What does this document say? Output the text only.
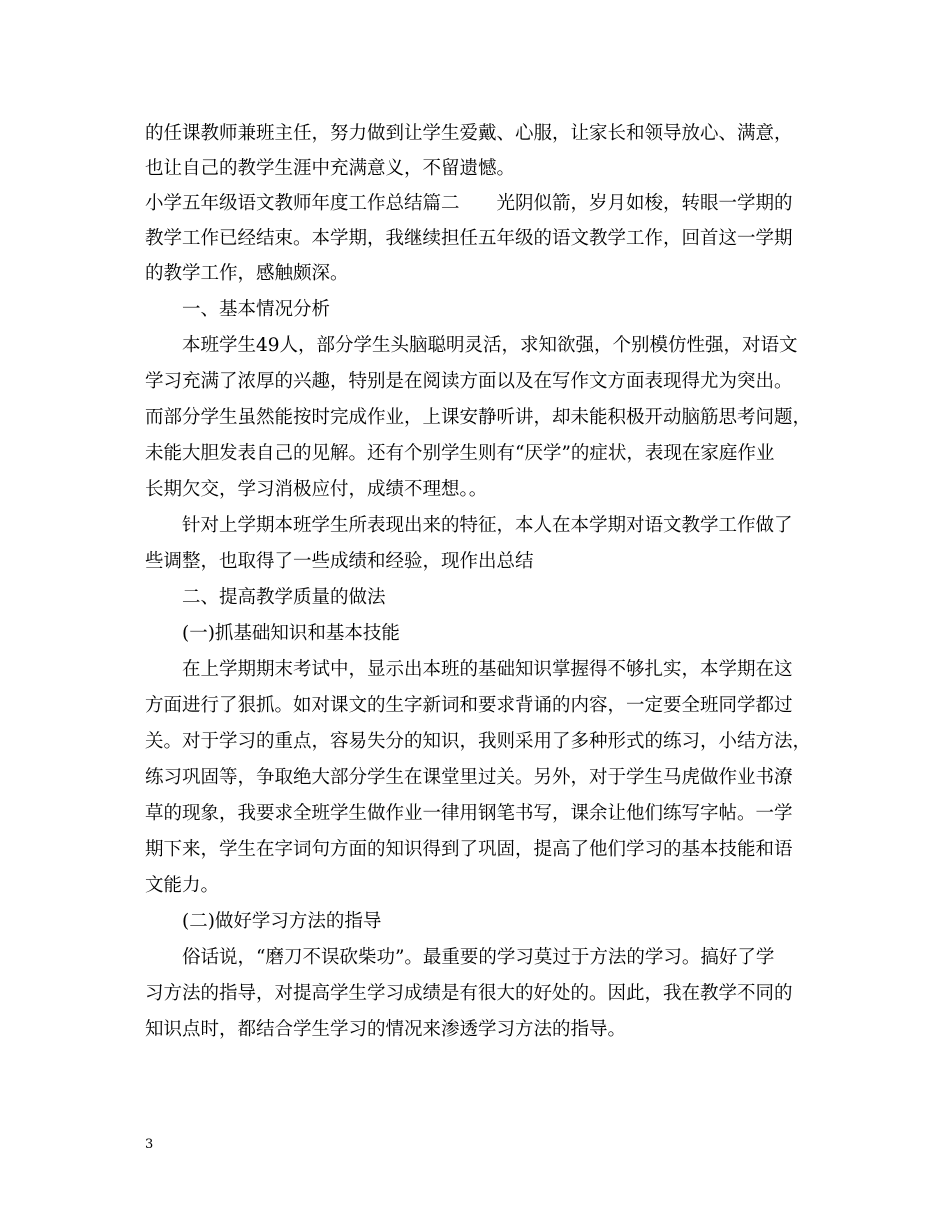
的任课教师兼班主任，努力做到让学生爱戴、心服，让家长和领导放心、满意，
也让自己的教学生涯中充满意义，不留遗憾。
小学五年级语文教师年度工作总结篇二　　光阴似箭，岁月如梭，转眼一学期的
教学工作已经结束。本学期，我继续担任五年级的语文教学工作，回首这一学期
的教学工作，感触颇深。
一、基本情况分析
本班学生49人，部分学生头脑聪明灵活，求知欲强，个别模仿性强，对语文
学习充满了浓厚的兴趣，特别是在阅读方面以及在写作文方面表现得尤为突出。
而部分学生虽然能按时完成作业，上课安静听讲，却未能积极开动脑筋思考问题，
未能大胆发表自己的见解。还有个别学生则有“厌学”的症状，表现在家庭作业
长期欠交，学习消极应付，成绩不理想。。
针对上学期本班学生所表现出来的特征，本人在本学期对语文教学工作做了
些调整，也取得了一些成绩和经验，现作出总结
二、提高教学质量的做法
(一)抓基础知识和基本技能
在上学期期末考试中，显示出本班的基础知识掌握得不够扎实，本学期在这
方面进行了狠抓。如对课文的生字新词和要求背诵的内容，一定要全班同学都过
关。对于学习的重点，容易失分的知识，我则采用了多种形式的练习，小结方法，
练习巩固等，争取绝大部分学生在课堂里过关。另外，对于学生马虎做作业书潦
草的现象，我要求全班学生做作业一律用钢笔书写，课余让他们练写字帖。一学
期下来，学生在字词句方面的知识得到了巩固，提高了他们学习的基本技能和语
文能力。
(二)做好学习方法的指导
俗话说，“磨刀不误砍柴功”。最重要的学习莫过于方法的学习。搞好了学
习方法的指导，对提高学生学习成绩是有很大的好处的。因此，我在教学不同的
知识点时，都结合学生学习的情况来渗透学习方法的指导。
3
